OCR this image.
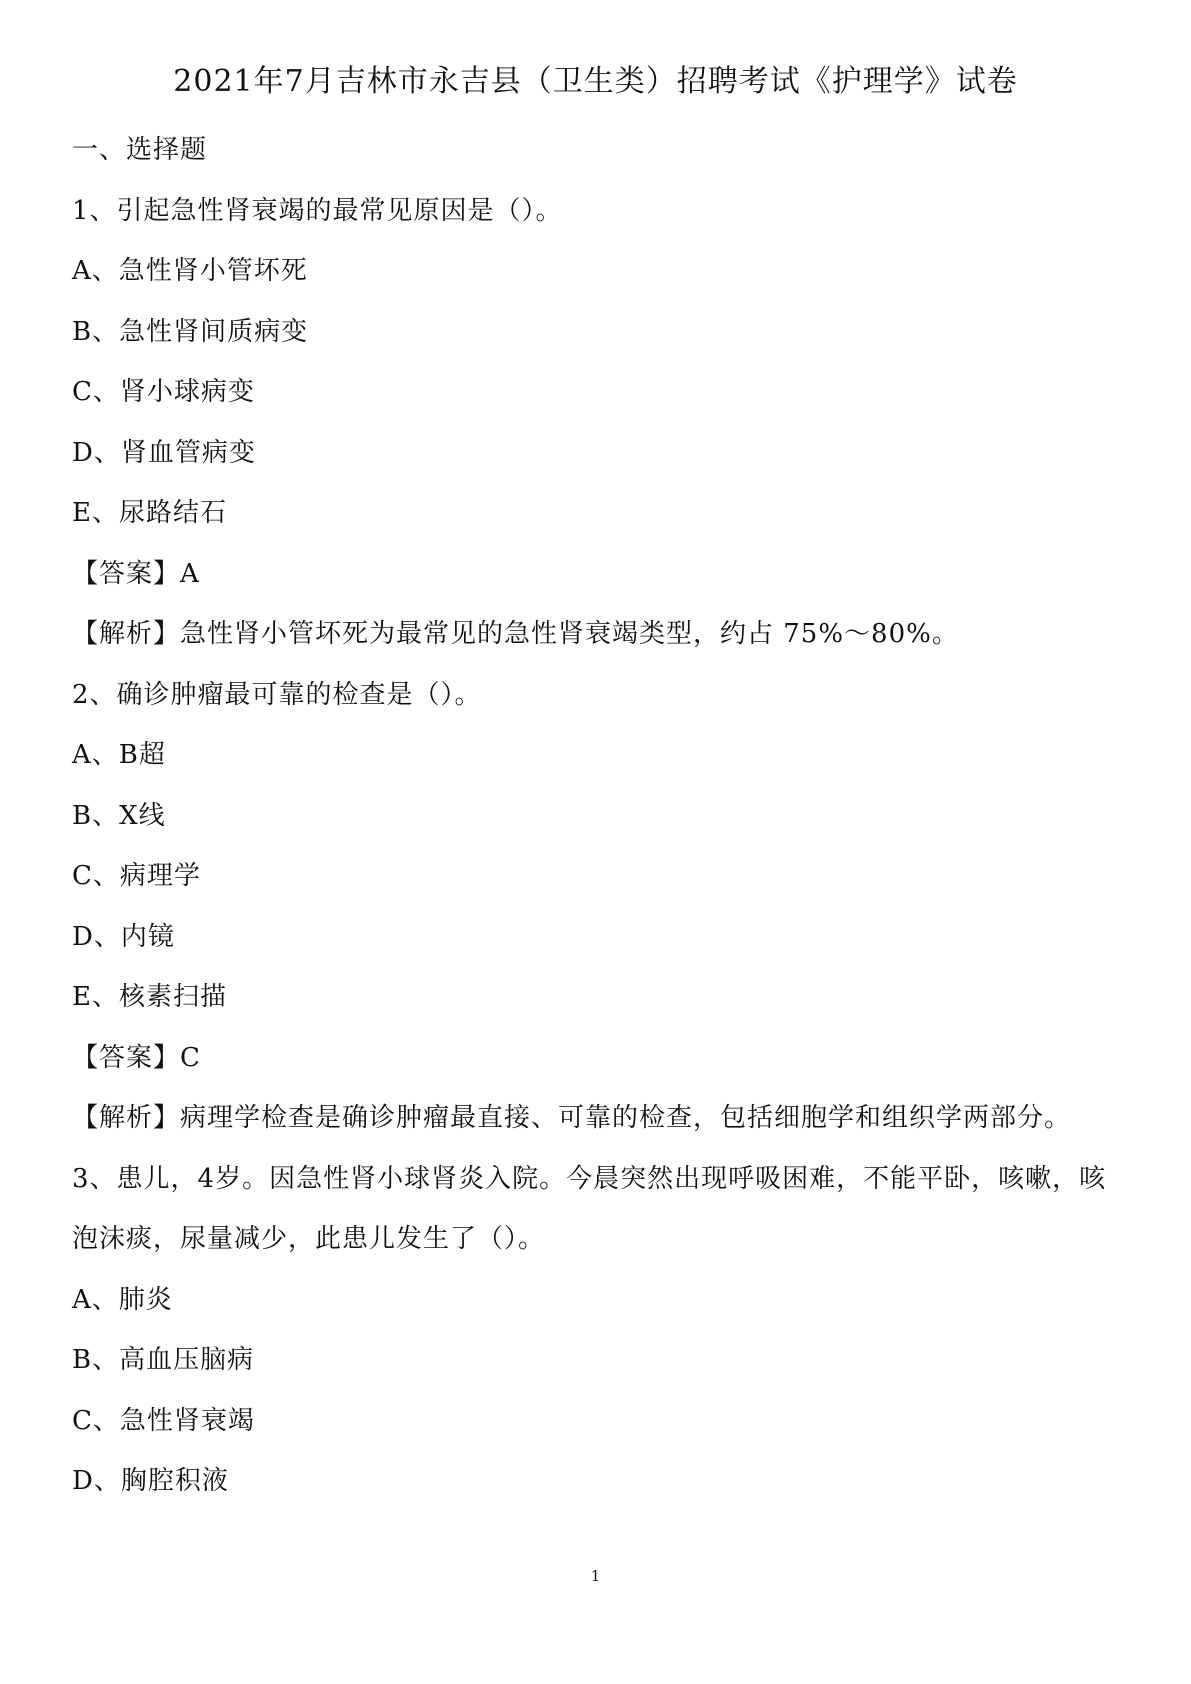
2021年7月吉林市永吉县（卫生类）招聘考试《护理学》试卷
一、选择题
1、引起急性肾衰竭的最常见原因是（）。
A、急性肾小管坏死
B、急性肾间质病变
C、肾小球病变
D、肾血管病变
E、尿路结石
【答案】A
【解析】急性肾小管坏死为最常见的急性肾衰竭类型，约占 75%～80%。
2、确诊肿瘤最可靠的检查是（）。
A、B超
B、X线
C、病理学
D、内镜
E、核素扫描
【答案】C
【解析】病理学检查是确诊肿瘤最直接、可靠的检查，包括细胞学和组织学两部分。
3、患儿，4岁。因急性肾小球肾炎入院。今晨突然出现呼吸困难，不能平卧，咳嗽，咳泡沫痰，尿量减少，此患儿发生了（）。
A、肺炎
B、高血压脑病
C、急性肾衰竭
D、胸腔积液
1
